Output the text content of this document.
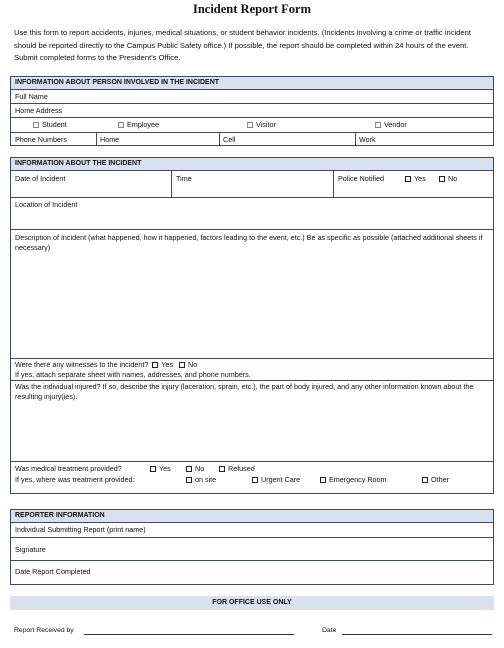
Incident Report Form
Use this form to report accidents, injuries, medical situations, or student behavior incidents. (Incidents involving a crime or traffic incident should be reported directly to the Campus Public Safety office.) If possible, the report should be completed within 24 hours of the event. Submit completed forms to the President’s Office.
INFORMATION ABOUT PERSON INVOLVED IN THE INCIDENT
Full Name
Home Address
Student	Employee	Visitor	Vendor
Phone Numbers	Home	Cell	Work
INFORMATION ABOUT THE INCIDENT
Date of Incident	Time	Police Notified	Yes	No
Location of Incident
Description of Incident (what happened, how it happened, factors leading to the event, etc.) Be as specific as possible (attached additional sheets if necessary)
Were there any witnesses to the incident? Yes No
If yes, attach separate sheet with names, addresses, and phone numbers.
Was the individual injured? If so, describe the injury (laceration, sprain, etc.), the part of body injured, and any other information known about the resulting injury(ies).
Was medical treatment provided?	Yes	No	Refused
If yes, where was treatment provided:	on site	Urgent Care	Emergency Room	Other
REPORTER INFORMATION
Individual Submitting Report (print name)
Signature
Date Report Completed
FOR OFFICE USE ONLY
Report Received by	Date
